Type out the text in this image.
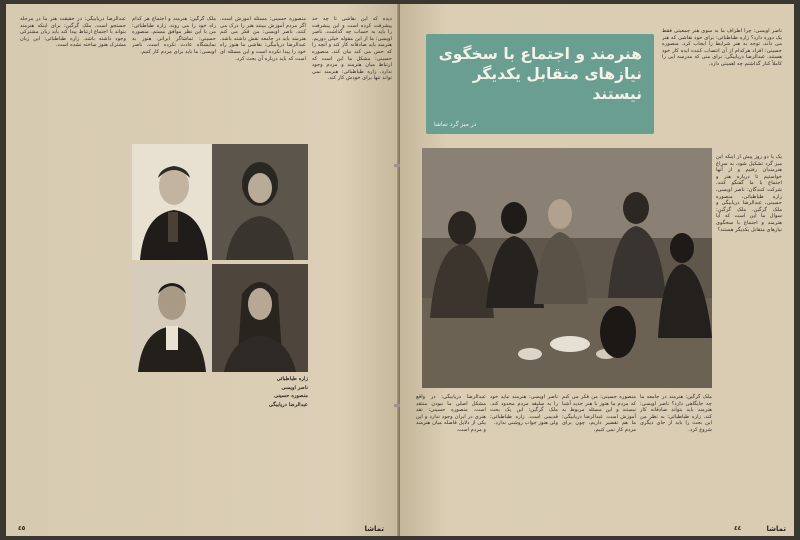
دیده که این نقاشی تا چه حد پیشرفت کرده است و این پیشرفت را باید به حساب چه گذاشت. ناصر اویسی: ما از این مقوله خیلی دوریم. هنرمند باید صادقانه کار کند و آنچه را که حس می کند بیان کند. منصوره حسینی: مشکل ما این است که ارتباط میان هنرمند و مردم وجود ندارد. زاره طباطبائی: هنرمند نمی تواند تنها برای خودش کار کند.

منصوره حسینی: مسئله آموزش است. اگر مردم آموزش ببینند هنر را درک می کنند. ناصر اویسی: من فکر می کنم هنرمند باید در جامعه نقش داشته باشد. عبدالرضا دریابیگی: نقاشی ما هنوز راه خود را پیدا نکرده است و این مسئله ای است که باید درباره آن بحث کرد.

ملک گرگین: هنرمند و اجتماع هر کدام راه خود را می روند. زاره طباطبائی: من با این نظر موافق نیستم. منصوره حسینی: تماشاگر ایرانی هنوز به نمایشگاه عادت نکرده است. ناصر اویسی: ما باید برای مردم کار کنیم.

عبدالرضا دریابیگی: در حقیقت هنر ما در مرحله جستجو است. ملک گرگین: برای اینکه هنرمند بتواند با اجتماع ارتباط پیدا کند باید زبان مشترکی وجود داشته باشد. زاره طباطبائی: این زبان مشترک هنوز ساخته نشده است.

زاره طباطبائی

ناصر اویسی

منصوره حسینی

عبدالرضا دریابیگی

٤٥	تماشا
هنرمند و اجتماع با سخگوی نیازهای متقابل یکدیگر نیستند
در میز گرد تماشا

ناصر اویسی: چرا اطراف ما به سوی هنر جمعیتی فقط یک دوره دارد؟ زاره طباطبائی: برای خود نقاشی که هنر می داند، توجه به هنر شرایط را ایجاب کرد. منصوره حسینی: افراد هرکدام از آن انتصاب کننده ایده کار خود هستند. عبدالرضا دریابیگی: برای منی که مدرسه ایی را کاملاً کنار گذاشتم چه اهمیتی دارد.

یک یا دو روز پیش از اینکه این میز گرد تشکیل شود، به سراغ هنرمندان رفتیم و از آنها خواستیم تا درباره هنر و اجتماع با ما گفتگو کنند. شرکت کنندگان: ناصر اویسی، زاره طباطبائی، منصوره حسینی، عبدالرضا دریابیگی و ملک گرگین. ملک گرگین: سوال ما این است که آیا هنرمند و اجتماع با سخگوی نیازهای متقابل یکدیگر هستند؟

ملک گرگین: هنرمند در جامعه ما چه جایگاهی دارد؟ ناصر اویسی: هنرمند باید بتواند صادقانه کار کند. زاره طباطبائی: به نظر من این بحث را باید از جای دیگری شروع کرد.

منصوره حسینی: من فکر می کنم که مردم ما هنوز با هنر جدید آشنا نیستند و این مسئله مربوط به آموزش است. عبدالرضا دریابیگی: ما هم تقصیر داریم، چون برای مردم کار نمی کنیم.

ناصر اویسی: هنرمند نباید خود را به سلیقه مردم محدود کند. ملک گرگین: این یک بحث قدیمی است. زاره طباطبائی: ولی هنوز جواب روشنی ندارد.

عبدالرضا دریابیگی: در واقع مشکل اصلی ما نبودن منتقد است. منصوره حسینی: نقد هنری در ایران وجود ندارد و این یکی از دلایل فاصله میان هنرمند و مردم است.

٤٤	تماشا
